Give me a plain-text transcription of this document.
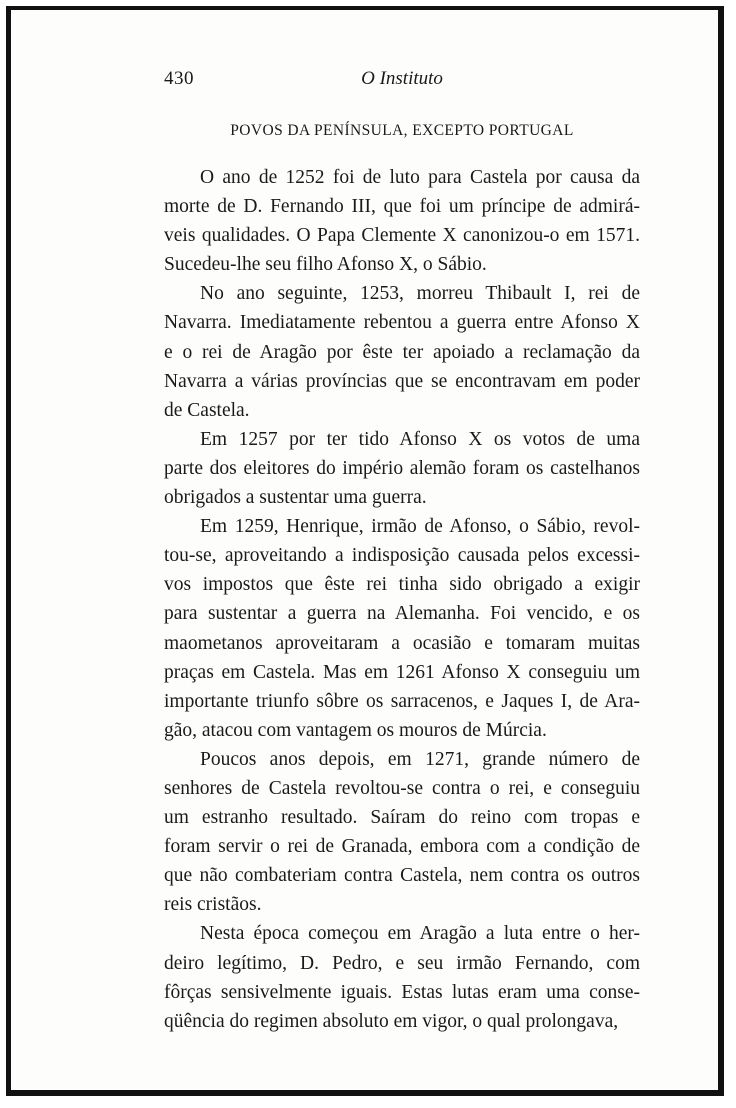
430	O Instituto
POVOS DA PENÍNSULA, EXCEPTO PORTUGAL
O ano de 1252 foi de luto para Castela por causa da
morte de D. Fernando III, que foi um príncipe de admirá-
veis qualidades. O Papa Clemente X canonizou-o em 1571.
Sucedeu-lhe seu filho Afonso X, o Sábio.
No ano seguinte, 1253, morreu Thibault I, rei de
Navarra. Imediatamente rebentou a guerra entre Afonso X
e o rei de Aragão por êste ter apoiado a reclamação da
Navarra a várias províncias que se encontravam em poder
de Castela.
Em 1257 por ter tido Afonso X os votos de uma
parte dos eleitores do império alemão foram os castelhanos
obrigados a sustentar uma guerra.
Em 1259, Henrique, irmão de Afonso, o Sábio, revol-
tou-se, aproveitando a indisposição causada pelos excessi-
vos impostos que êste rei tinha sido obrigado a exigir
para sustentar a guerra na Alemanha. Foi vencido, e os
maometanos aproveitaram a ocasião e tomaram muitas
praças em Castela. Mas em 1261 Afonso X conseguiu um
importante triunfo sôbre os sarracenos, e Jaques I, de Ara-
gão, atacou com vantagem os mouros de Múrcia.
Poucos anos depois, em 1271, grande número de
senhores de Castela revoltou-se contra o rei, e conseguiu
um estranho resultado. Saíram do reino com tropas e
foram servir o rei de Granada, embora com a condição de
que não combateriam contra Castela, nem contra os outros
reis cristãos.
Nesta época começou em Aragão a luta entre o her-
deiro legítimo, D. Pedro, e seu irmão Fernando, com
fôrças sensivelmente iguais. Estas lutas eram uma conse-
qüência do regimen absoluto em vigor, o qual prolongava,
